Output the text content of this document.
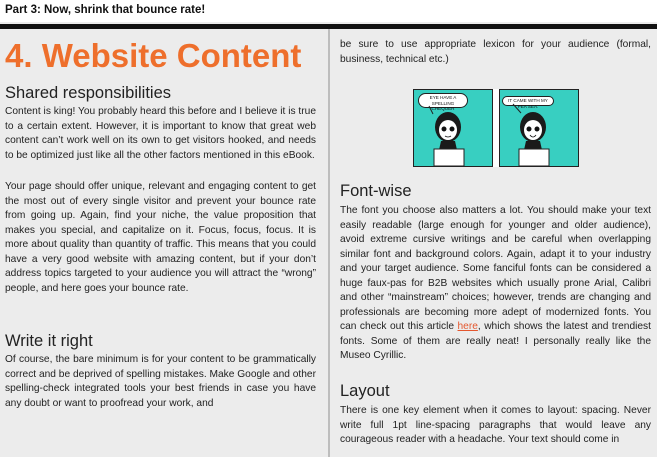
Part 3: Now, shrink that bounce rate!
4. Website Content
Shared responsibilities

Content is king! You probably heard this before and I believe it is true to a certain extent. However, it is important to know that great web content can’t work well on its own to get visitors hooked, and needs to be optimized just like all the other factors mentioned in this eBook.

Your page should offer unique, relevant and engaging content to get the most out of every single visitor and prevent your bounce rate from going up. Again, find your niche, the value proposition that makes you special, and capitalize on it. Focus, focus, focus. It is more about quality than quantity of traffic. This means that you could have a very good website with amazing content, but if your don’t address topics targeted to your audience you will attract the “wrong” people, and here goes your bounce rate.

Write it right

Of course, the bare minimum is for your content to be grammatically correct and be deprived of spelling mistakes. Make Google and other spelling-check integrated tools your best friends in case you have any doubt or want to proofread your work, and

be sure to use appropriate lexicon for your audience (formal, business, technical etc.)

Font-wise

The font you choose also matters a lot. You should make your text easily readable (large enough for younger and older audience), avoid extreme cursive writings and be careful when overlapping similar font and background colors. Again, adapt it to your industry and your target audience. Some fanciful fonts can be considered a huge faux-pas for B2B websites which usually prone Arial, Calibri and other “mainstream” choices; however, trends are changing and professionals are becoming more adept of modernized fonts. You can check out this article here, which shows the latest and trendiest fonts. Some of them are really neat! I personally really like the Museo Cyrillic.

Layout

There is one key element when it comes to layout: spacing. Never write full 1pt line-spacing paragraphs that would leave any courageous reader with a headache. Your text should come in

EYE HAVE A SPELLING CHEQUER
IT CAME WITH MY PEA SEA.
